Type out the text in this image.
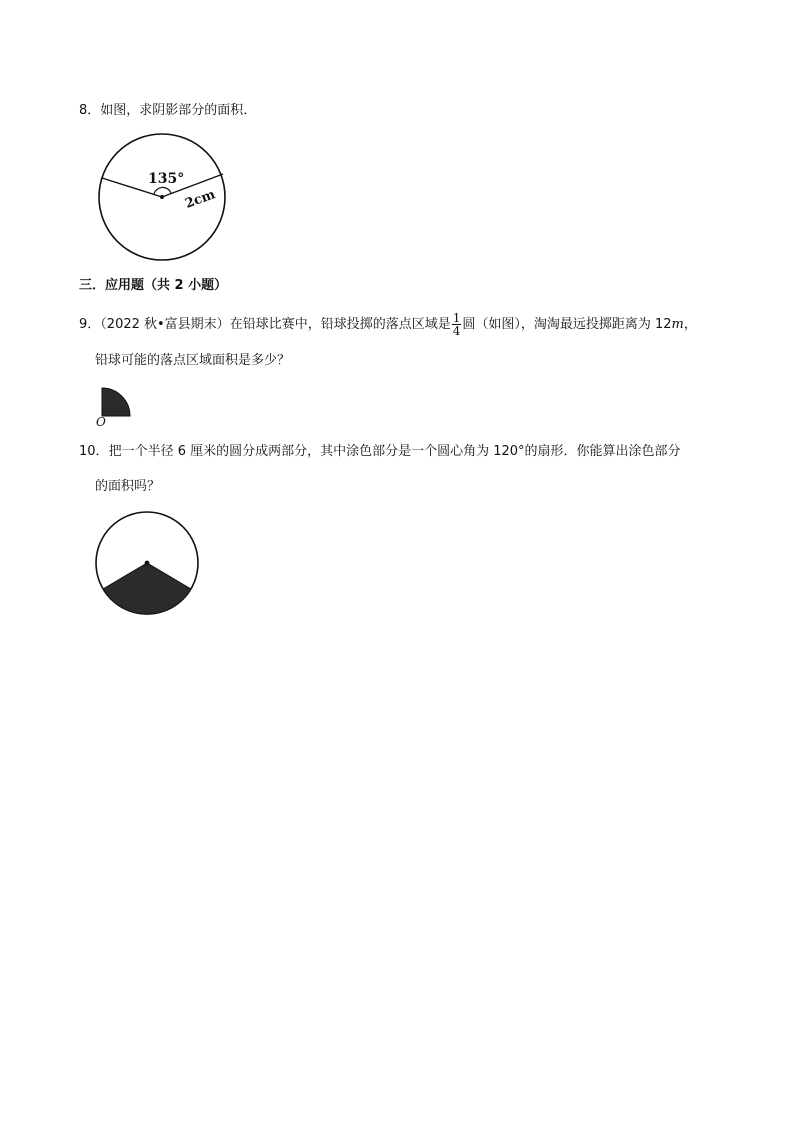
8．如图，求阴影部分的面积．
135°
2cm
三．应用题（共 2 小题）
9．（2022 秋•富县期末）在铅球比赛中，铅球投掷的落点区域是 $\frac{1}{4}$ 圆（如图），淘淘最远投掷距离为 12m，
铅球可能的落点区域面积是多少？
O
10．把一个半径 6 厘米的圆分成两部分，其中涂色部分是一个圆心角为 120°的扇形．你能算出涂色部分
的面积吗？
